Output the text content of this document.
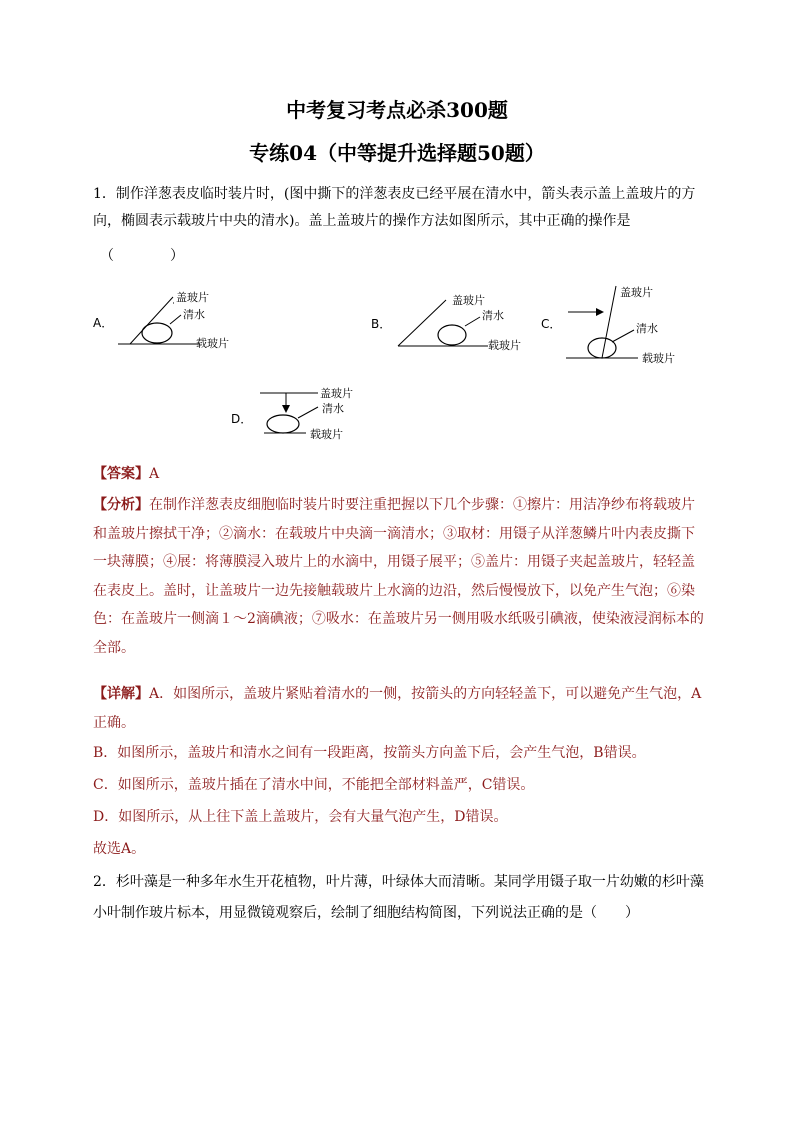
中考复习考点必杀300题
专练04（中等提升选择题50题）
1．制作洋葱表皮临时装片时，(图中撕下的洋葱表皮已经平展在清水中，箭头表示盖上盖玻片的方向，椭圆表示载玻片中央的清水)。盖上盖玻片的操作方法如图所示，其中正确的操作是
（　　　　）
A．
盖玻片
清水
载玻片
B．
盖玻片
清水
载玻片
C．
盖玻片
清水
载玻片
D．
盖玻片
清水
载玻片
【答案】A
【分析】在制作洋葱表皮细胞临时装片时要注重把握以下几个步骤：①擦片：用洁净纱布将载玻片和盖玻片擦拭干净；②滴水：在载玻片中央滴一滴清水；③取材：用镊子从洋葱鳞片叶内表皮撕下一块薄膜；④展：将薄膜浸入玻片上的水滴中，用镊子展平；⑤盖片：用镊子夹起盖玻片，轻轻盖在表皮上。盖时，让盖玻片一边先接触载玻片上水滴的边沿，然后慢慢放下，以免产生气泡；⑥染色：在盖玻片一侧滴１～2滴碘液；⑦吸水：在盖玻片另一侧用吸水纸吸引碘液，使染液浸润标本的全部。
【详解】A．如图所示，盖玻片紧贴着清水的一侧，按箭头的方向轻轻盖下，可以避免产生气泡，A正确。
B．如图所示，盖玻片和清水之间有一段距离，按箭头方向盖下后，会产生气泡，B错误。
C．如图所示，盖玻片插在了清水中间，不能把全部材料盖严，C错误。
D．如图所示，从上往下盖上盖玻片，会有大量气泡产生，D错误。
故选A。
2．杉叶藻是一种多年水生开花植物，叶片薄，叶绿体大而清晰。某同学用镊子取一片幼嫩的杉叶藻小叶制作玻片标本，用显微镜观察后，绘制了细胞结构简图，下列说法正确的是（　　）
